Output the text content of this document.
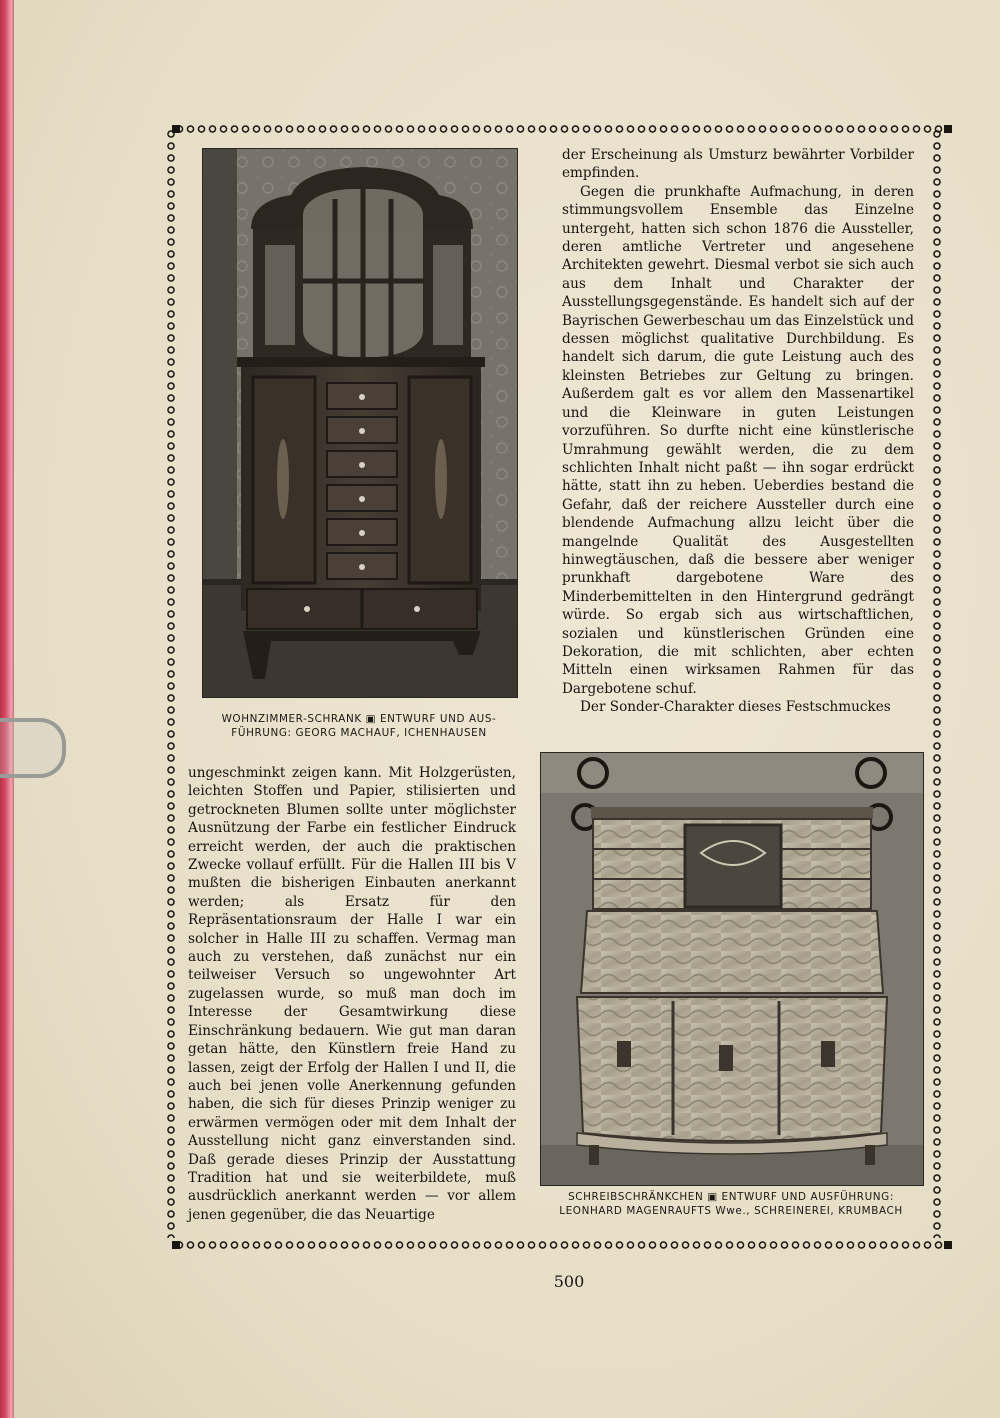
WOHNZIMMER-SCHRANK ▣ ENTWURF UND AUS-
FÜHRUNG: GEORG MACHAUF, ICHENHAUSEN

der Erscheinung als Umsturz bewährter Vorbilder empfinden.

Gegen die prunkhafte Aufmachung, in deren stimmungsvollem Ensemble das Einzelne untergeht, hatten sich schon 1876 die Aussteller, deren amtliche Vertreter und angesehene Architekten gewehrt. Diesmal verbot sie sich auch aus dem Inhalt und Charakter der Ausstellungsgegenstände. Es handelt sich auf der Bayrischen Gewerbeschau um das Einzelstück und dessen möglichst qualitative Durchbildung. Es handelt sich darum, die gute Leistung auch des kleinsten Betriebes zur Geltung zu bringen. Außerdem galt es vor allem den Massenartikel und die Kleinware in guten Leistungen vorzuführen. So durfte nicht eine künstlerische Umrahmung gewählt werden, die zu dem schlichten Inhalt nicht paßt — ihn sogar erdrückt hätte, statt ihn zu heben. Ueberdies bestand die Gefahr, daß der reichere Aussteller durch eine blendende Aufmachung allzu leicht über die mangelnde Qualität des Ausgestellten hinwegtäuschen, daß die bessere aber weniger prunkhaft dargebotene Ware des Minderbemittelten in den Hintergrund gedrängt würde. So ergab sich aus wirtschaftlichen, sozialen und künstlerischen Gründen eine Dekoration, die mit schlichten, aber echten Mitteln einen wirksamen Rahmen für das Dargebotene schuf.

Der Sonder-Charakter dieses Festschmuckes

ungeschminkt zeigen kann. Mit Holzgerüsten, leichten Stoffen und Papier, stilisierten und getrockneten Blumen sollte unter möglichster Ausnützung der Farbe ein festlicher Eindruck erreicht werden, der auch die praktischen Zwecke vollauf erfüllt. Für die Hallen III bis V mußten die bisherigen Einbauten anerkannt werden; als Ersatz für den Repräsentationsraum der Halle I war ein solcher in Halle III zu schaffen. Vermag man auch zu verstehen, daß zunächst nur ein teilweiser Versuch so ungewohnter Art zugelassen wurde, so muß man doch im Interesse der Gesamtwirkung diese Einschränkung bedauern. Wie gut man daran getan hätte, den Künstlern freie Hand zu lassen, zeigt der Erfolg der Hallen I und II, die auch bei jenen volle Anerkennung gefunden haben, die sich für dieses Prinzip weniger zu erwärmen vermögen oder mit dem Inhalt der Ausstellung nicht ganz einverstanden sind. Daß gerade dieses Prinzip der Ausstattung Tradition hat und sie weiterbildete, muß ausdrücklich anerkannt werden — vor allem jenen gegenüber, die das Neuartige

SCHREIBSCHRÄNKCHEN ▣ ENTWURF UND AUSFÜHRUNG:
LEONHARD MAGENRAUFTS Wwe., SCHREINEREI, KRUMBACH
500
